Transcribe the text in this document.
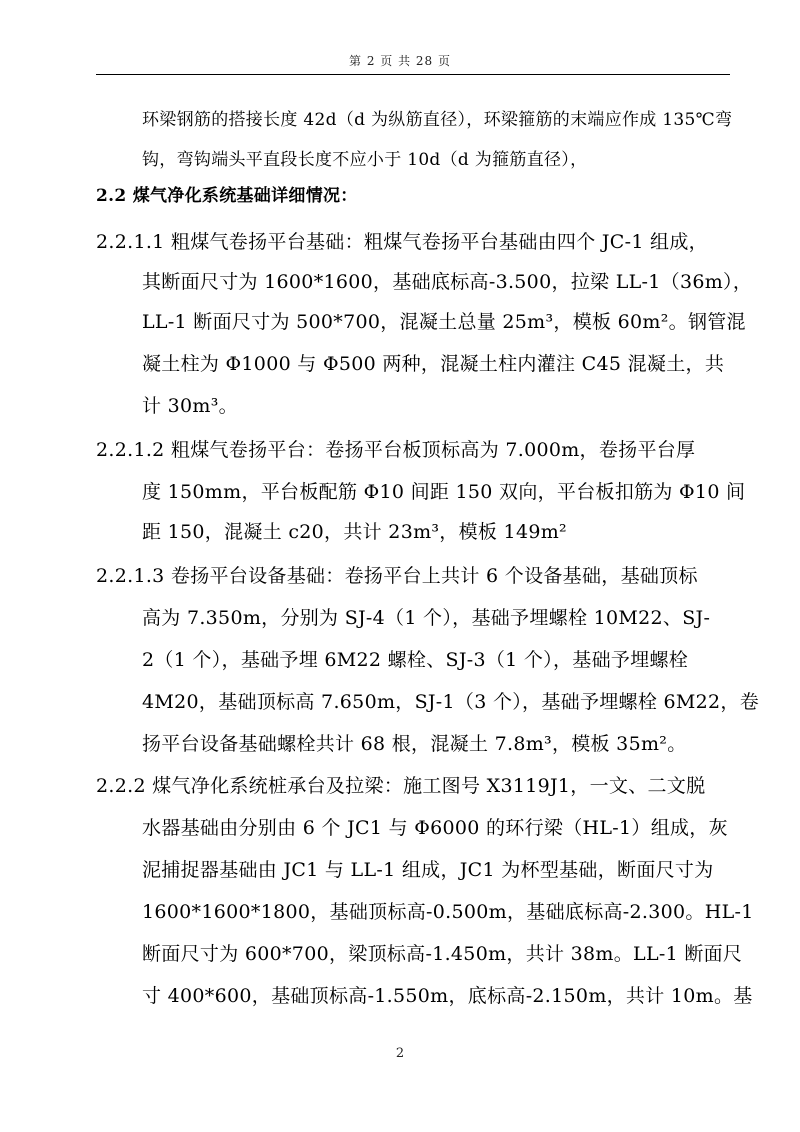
第 2 页 共 28 页
环梁钢筋的搭接长度 42d（d 为纵筋直径），环梁箍筋的末端应作成 135℃弯
钩，弯钩端头平直段长度不应小于 10d（d 为箍筋直径），
2.2 煤气净化系统基础详细情况：
2.2.1.1 粗煤气卷扬平台基础：粗煤气卷扬平台基础由四个 JC-1 组成，
其断面尺寸为 1600*1600，基础底标高-3.500，拉梁 LL-1（36m），
LL-1 断面尺寸为 500*700，混凝土总量 25m³，模板 60m²。钢管混
凝土柱为 Φ1000 与 Φ500 两种，混凝土柱内灌注 C45 混凝土，共
计 30m³。
2.2.1.2 粗煤气卷扬平台：卷扬平台板顶标高为 7.000m，卷扬平台厚
度 150mm，平台板配筋 Φ10 间距 150 双向，平台板扣筋为 Φ10 间
距 150，混凝土 c20，共计 23m³，模板 149m²
2.2.1.3 卷扬平台设备基础：卷扬平台上共计 6 个设备基础，基础顶标
高为 7.350m，分别为 SJ-4（1 个），基础予埋螺栓 10M22、SJ-
2（1 个），基础予埋 6M22 螺栓、SJ-3（1 个），基础予埋螺栓
4M20，基础顶标高 7.650m，SJ-1（3 个），基础予埋螺栓 6M22，卷
扬平台设备基础螺栓共计 68 根，混凝土 7.8m³，模板 35m²。
2.2.2 煤气净化系统桩承台及拉梁：施工图号 X3119J1，一文、二文脱
水器基础由分别由 6 个 JC1 与 Φ6000 的环行梁（HL-1）组成，灰
泥捕捉器基础由 JC1 与 LL-1 组成，JC1 为杯型基础，断面尺寸为
1600*1600*1800，基础顶标高-0.500m，基础底标高-2.300。HL-1
断面尺寸为 600*700，梁顶标高-1.450m，共计 38m。LL-1 断面尺
寸 400*600，基础顶标高-1.550m，底标高-2.150m，共计 10m。基
2
